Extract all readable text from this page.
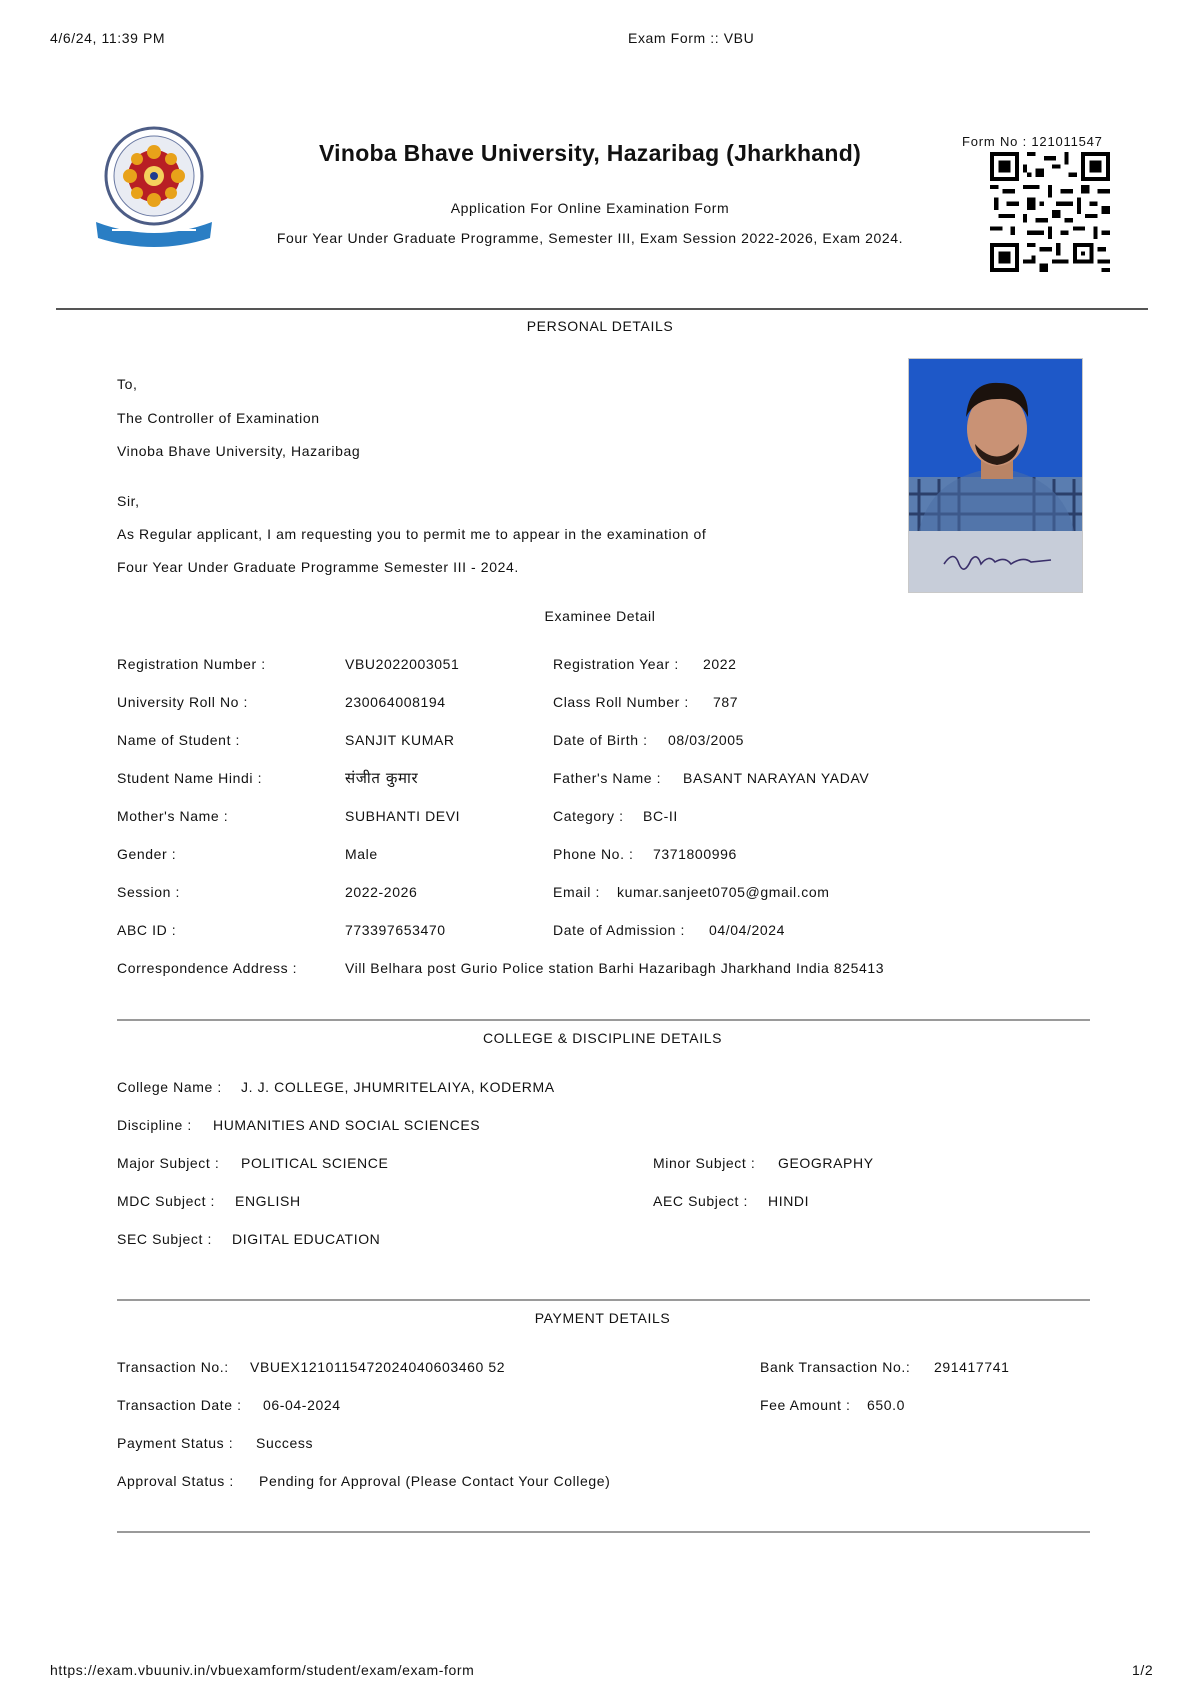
4/6/24, 11:39 PM	Exam Form :: VBU
Vinoba Bhave University, Hazaribag (Jharkhand)
Application For Online Examination Form
Four Year Under Graduate Programme, Semester III, Exam Session 2022-2026, Exam 2024.
Form No : 121011547
PERSONAL DETAILS
To,
The Controller of Examination
Vinoba Bhave University, Hazaribag
Sir,
As Regular applicant, I am requesting you to permit me to appear in the examination of
Four Year Under Graduate Programme Semester III - 2024.
Examinee Detail
Registration Number :	VBU2022003051	Registration Year : 2022
University Roll No :	230064008194	Class Roll Number : 787
Name of Student :	SANJIT KUMAR	Date of Birth : 08/03/2005
Student Name Hindi :	संजीत कुमार	Father's Name : BASANT NARAYAN YADAV
Mother's Name :	SUBHANTI DEVI	Category : BC-II
Gender :	Male	Phone No. : 7371800996
Session :	2022-2026	Email : kumar.sanjeet0705@gmail.com
ABC ID :	773397653470	Date of Admission : 04/04/2024
Correspondence Address :	Vill Belhara post Gurio Police station Barhi Hazaribagh Jharkhand India 825413
COLLEGE & DISCIPLINE DETAILS
College Name : J. J. COLLEGE, JHUMRITELAIYA, KODERMA
Discipline : HUMANITIES AND SOCIAL SCIENCES
Major Subject : POLITICAL SCIENCE	Minor Subject : GEOGRAPHY
MDC Subject : ENGLISH	AEC Subject : HINDI
SEC Subject : DIGITAL EDUCATION
PAYMENT DETAILS
Transaction No.: VBUEX1210115472024040603460 52	Bank Transaction No.: 291417741
Transaction Date : 06-04-2024	Fee Amount : 650.0
Payment Status : Success
Approval Status : Pending for Approval (Please Contact Your College)
https://exam.vbuuniv.in/vbuexamform/student/exam/exam-form	1/2
